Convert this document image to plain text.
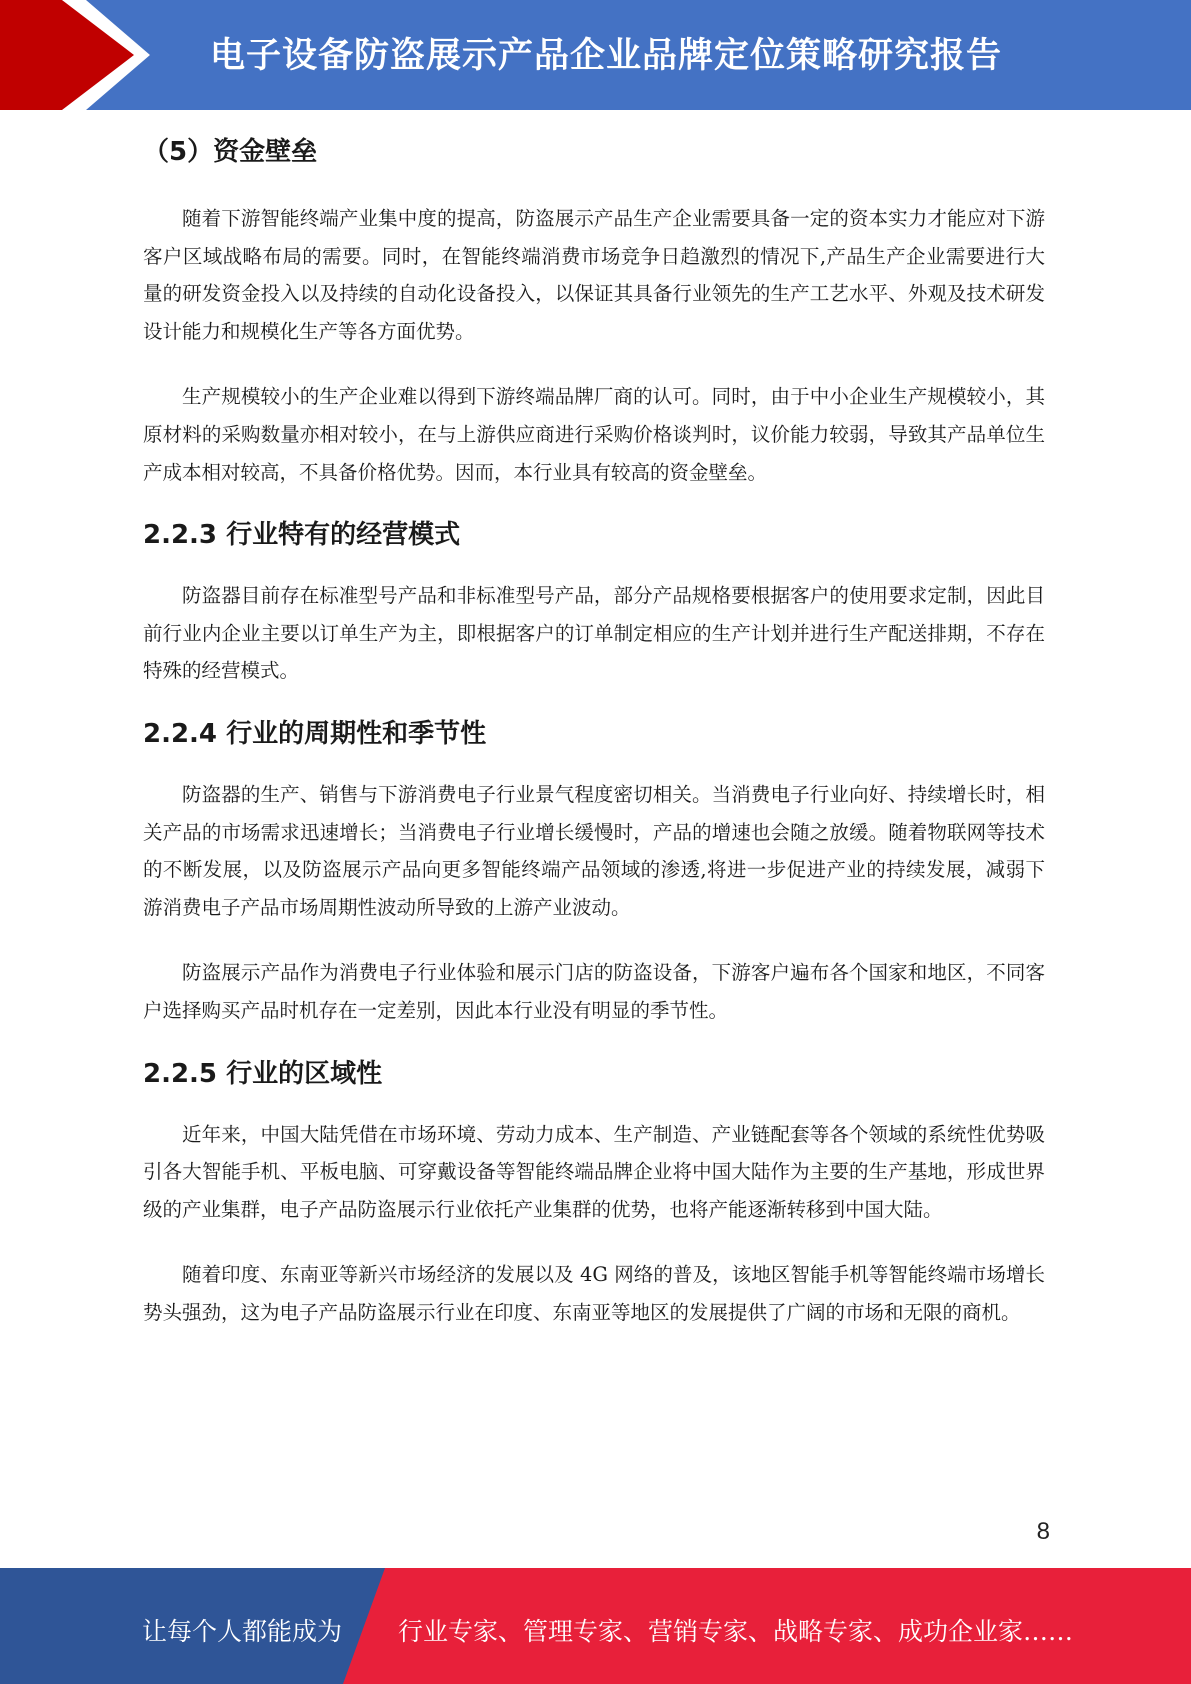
电子设备防盗展示产品企业品牌定位策略研究报告
（5）资金壁垒

随着下游智能终端产业集中度的提高，防盗展示产品生产企业需要具备一定的资本实力才能应对下游客户区域战略布局的需要。同时，在智能终端消费市场竞争日趋激烈的情况下,产品生产企业需要进行大量的研发资金投入以及持续的自动化设备投入，以保证其具备行业领先的生产工艺水平、外观及技术研发设计能力和规模化生产等各方面优势。

生产规模较小的生产企业难以得到下游终端品牌厂商的认可。同时，由于中小企业生产规模较小，其原材料的采购数量亦相对较小，在与上游供应商进行采购价格谈判时，议价能力较弱，导致其产品单位生产成本相对较高，不具备价格优势。因而，本行业具有较高的资金壁垒。

2.2.3 行业特有的经营模式

防盗器目前存在标准型号产品和非标准型号产品，部分产品规格要根据客户的使用要求定制，因此目前行业内企业主要以订单生产为主，即根据客户的订单制定相应的生产计划并进行生产配送排期，不存在特殊的经营模式。

2.2.4 行业的周期性和季节性

防盗器的生产、销售与下游消费电子行业景气程度密切相关。当消费电子行业向好、持续增长时，相关产品的市场需求迅速增长；当消费电子行业增长缓慢时，产品的增速也会随之放缓。随着物联网等技术的不断发展，以及防盗展示产品向更多智能终端产品领域的渗透,将进一步促进产业的持续发展，减弱下游消费电子产品市场周期性波动所导致的上游产业波动。

防盗展示产品作为消费电子行业体验和展示门店的防盗设备，下游客户遍布各个国家和地区，不同客户选择购买产品时机存在一定差别，因此本行业没有明显的季节性。

2.2.5 行业的区域性

近年来，中国大陆凭借在市场环境、劳动力成本、生产制造、产业链配套等各个领域的系统性优势吸引各大智能手机、平板电脑、可穿戴设备等智能终端品牌企业将中国大陆作为主要的生产基地，形成世界级的产业集群，电子产品防盗展示行业依托产业集群的优势，也将产能逐渐转移到中国大陆。

随着印度、东南亚等新兴市场经济的发展以及 4G 网络的普及，该地区智能手机等智能终端市场增长势头强劲，这为电子产品防盗展示行业在印度、东南亚等地区的发展提供了广阔的市场和无限的商机。

8
让每个人都能成为 行业专家、管理专家、营销专家、战略专家、成功企业家……
